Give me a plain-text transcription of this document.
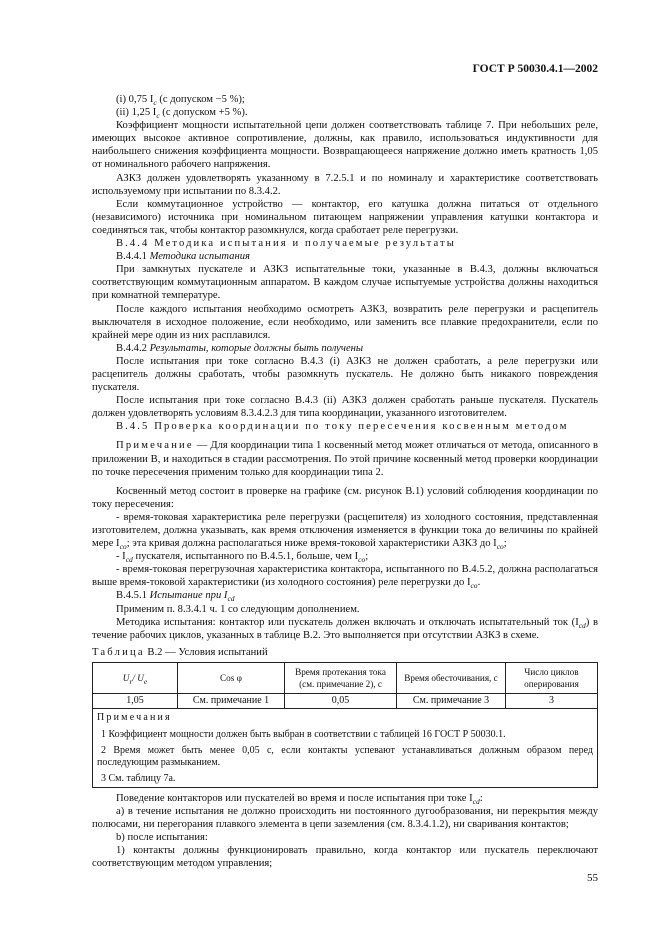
ГОСТ Р 50030.4.1—2002

(i) 0,75 $I_c$ (с допуском −5 %);

(ii) 1,25 $I_c$ (с допуском +5 %).

Коэффициент мощности испытательной цепи должен соответствовать таблице 7. При небольших реле, имеющих высокое активное сопротивление, должны, как правило, использоваться индуктивности для наибольшего снижения коэффициента мощности. Возвращающееся напряжение должно иметь кратность 1,05 от номинального рабочего напряжения.

АЗКЗ должен удовлетворять указанному в 7.2.5.1 и по номиналу и характеристике соответствовать используемому при испытании по 8.3.4.2.

Если коммутационное устройство — контактор, его катушка должна питаться от отдельного (независимого) источника при номинальном питающем напряжении управления катушки контактора и соединяться так, чтобы контактор разомкнулся, когда сработает реле перегрузки.

В.4.4 Методика испытания и получаемые результаты

В.4.4.1 Методика испытания

При замкнутых пускателе и АЗКЗ испытательные токи, указанные в В.4.3, должны включаться соответствующим коммутационным аппаратом. В каждом случае испытуемые устройства должны находиться при комнатной температуре.

После каждого испытания необходимо осмотреть АЗКЗ, возвратить реле перегрузки и расцепитель выключателя в исходное положение, если необходимо, или заменить все плавкие предохранители, если по крайней мере один из них расплавился.

В.4.4.2 Результаты, которые должны быть получены

После испытания при токе согласно В.4.3 (i) АЗКЗ не должен сработать, а реле перегрузки или расцепитель должны сработать, чтобы разомкнуть пускатель. Не должно быть никакого повреждения пускателя.

После испытания при токе согласно В.4.3 (ii) АЗКЗ должен сработать раньше пускателя. Пускатель должен удовлетворять условиям 8.3.4.2.3 для типа координации, указанного изготовителем.

В.4.5 Проверка координации по току пересечения косвенным методом

Примечание — Для координации типа 1 косвенный метод может отличаться от метода, описанного в приложении В, и находиться в стадии рассмотрения. По этой причине косвенный метод проверки координации по точке пересечения применим только для координации типа 2.

Косвенный метод состоит в проверке на графике (см. рисунок В.1) условий соблюдения координации по току пересечения:

- время-токовая характеристика реле перегрузки (расцепителя) из холодного состояния, представленная изготовителем, должна указывать, как время отключения изменяется в функции тока до величины по крайней мере $I_{co}$; эта кривая должна располагаться ниже время-токовой характеристики АЗКЗ до $I_{co}$;

- $I_{cd}$ пускателя, испытанного по В.4.5.1, больше, чем $I_{co}$;

- время-токовая перегрузочная характеристика контактора, испытанного по В.4.5.2, должна располагаться выше время-токовой характеристики (из холодного состояния) реле перегрузки до $I_{co}$.

В.4.5.1 Испытание при $I_{cd}$

Применим п. 8.3.4.1 ч. 1 со следующим дополнением.

Методика испытания: контактор или пускатель должен включать и отключать испытательный ток $(I_{cd})$ в течение рабочих циклов, указанных в таблице В.2. Это выполняется при отсутствии АЗКЗ в схеме.

Таблица В.2 — Условия испытаний

$U_r/$ $U_e$	Cos φ	Время протекания тока (см. примечание 2), с	Время обесточивания, с	Число циклов оперирования
1,05	См. примечание 1	0,05	См. примечание 3	3

Примечания

1 Коэффициент мощности должен быть выбран в соответствии с таблицей 16 ГОСТ Р 50030.1.

2 Время может быть менее 0,05 с, если контакты успевают устанавливаться должным образом перед последующим размыканием.

3 См. таблицу 7а.				

Поведение контакторов или пускателей во время и после испытания при токе $I_{cd}$:

а) в течение испытания не должно происходить ни постоянного дугообразования, ни перекрытия между полюсами, ни перегорания плавкого элемента в цепи заземления (см. 8.3.4.1.2), ни сваривания контактов;

b) после испытания:

1) контакты должны функционировать правильно, когда контактор или пускатель переключают соответствующим методом управления;

55
